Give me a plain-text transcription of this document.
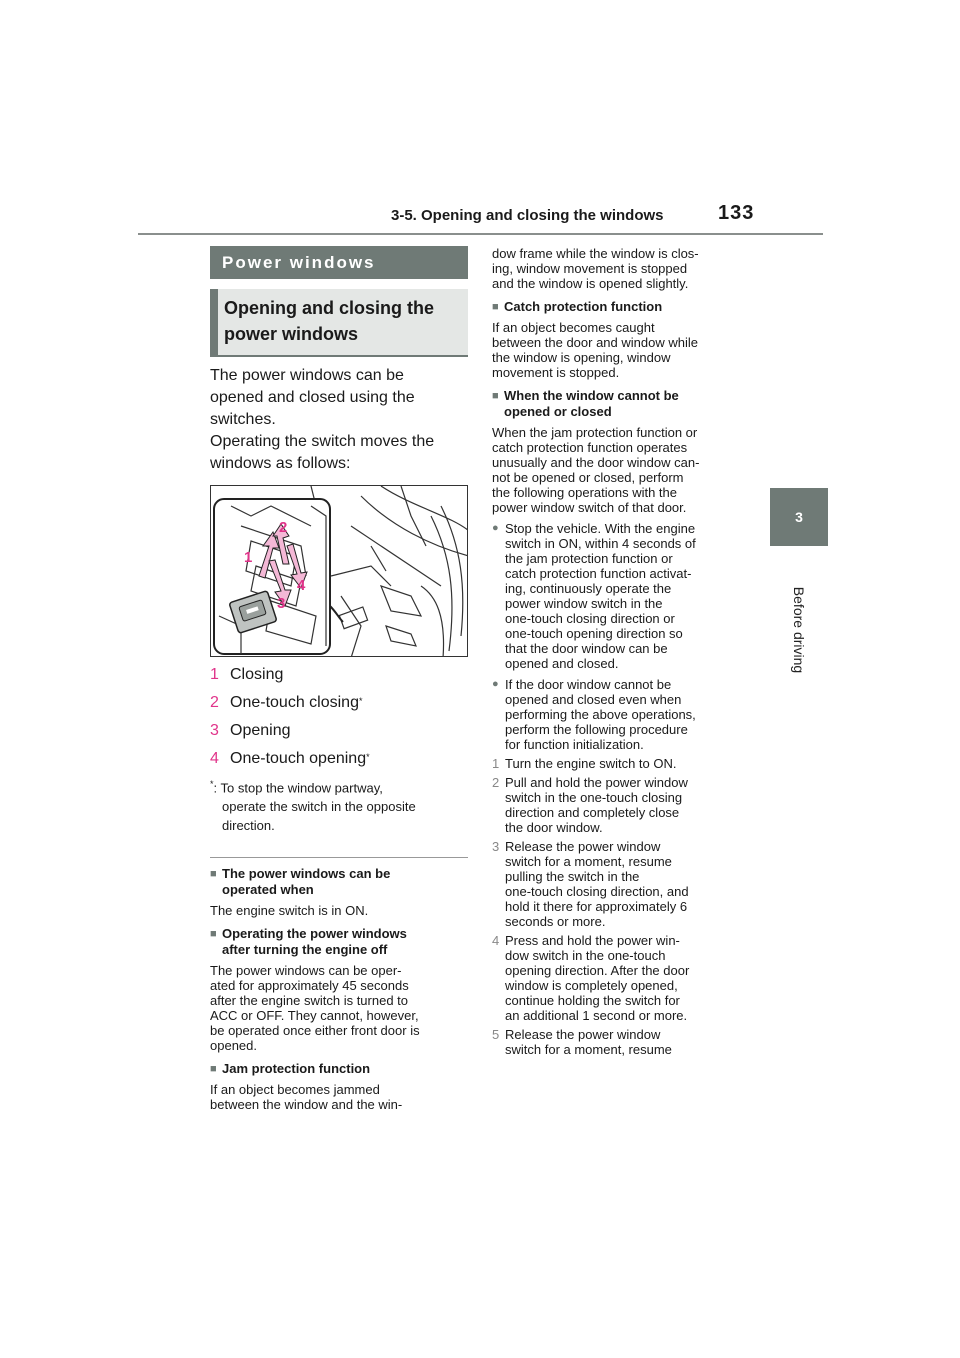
3-5. Opening and closing the windows	133
3
Before driving
Power windows
Opening and closing the
power windows
The power windows can be
opened and closed using the
switches.
Operating the switch moves the
windows as follows:
2
1
4
3
1 Closing
2 One-touch closing*
3 Opening
4 One-touch opening*
*: To stop the window partway,
operate the switch in the opposite
direction.
■ The power windows can be
operated when
The engine switch is in ON.
■ Operating the power windows
after turning the engine off
The power windows can be oper-
ated for approximately 45 seconds
after the engine switch is turned to
ACC or OFF. They cannot, however,
be operated once either front door is
opened.
■ Jam protection function
If an object becomes jammed
between the window and the win-
dow frame while the window is clos-
ing, window movement is stopped
and the window is opened slightly.
■ Catch protection function
If an object becomes caught
between the door and window while
the window is opening, window
movement is stopped.
■ When the window cannot be
opened or closed
When the jam protection function or
catch protection function operates
unusually and the door window can-
not be opened or closed, perform
the following operations with the
power window switch of that door.
● Stop the vehicle. With the engine
switch in ON, within 4 seconds of
the jam protection function or
catch protection function activat-
ing, continuously operate the
power window switch in the
one-touch closing direction or
one-touch opening direction so
that the door window can be
opened and closed.
● If the door window cannot be
opened and closed even when
performing the above operations,
perform the following procedure
for function initialization.
1 Turn the engine switch to ON.
2 Pull and hold the power window
switch in the one-touch closing
direction and completely close
the door window.
3 Release the power window
switch for a moment, resume
pulling the switch in the
one-touch closing direction, and
hold it there for approximately 6
seconds or more.
4 Press and hold the power win-
dow switch in the one-touch
opening direction. After the door
window is completely opened,
continue holding the switch for
an additional 1 second or more.
5 Release the power window
switch for a moment, resume
